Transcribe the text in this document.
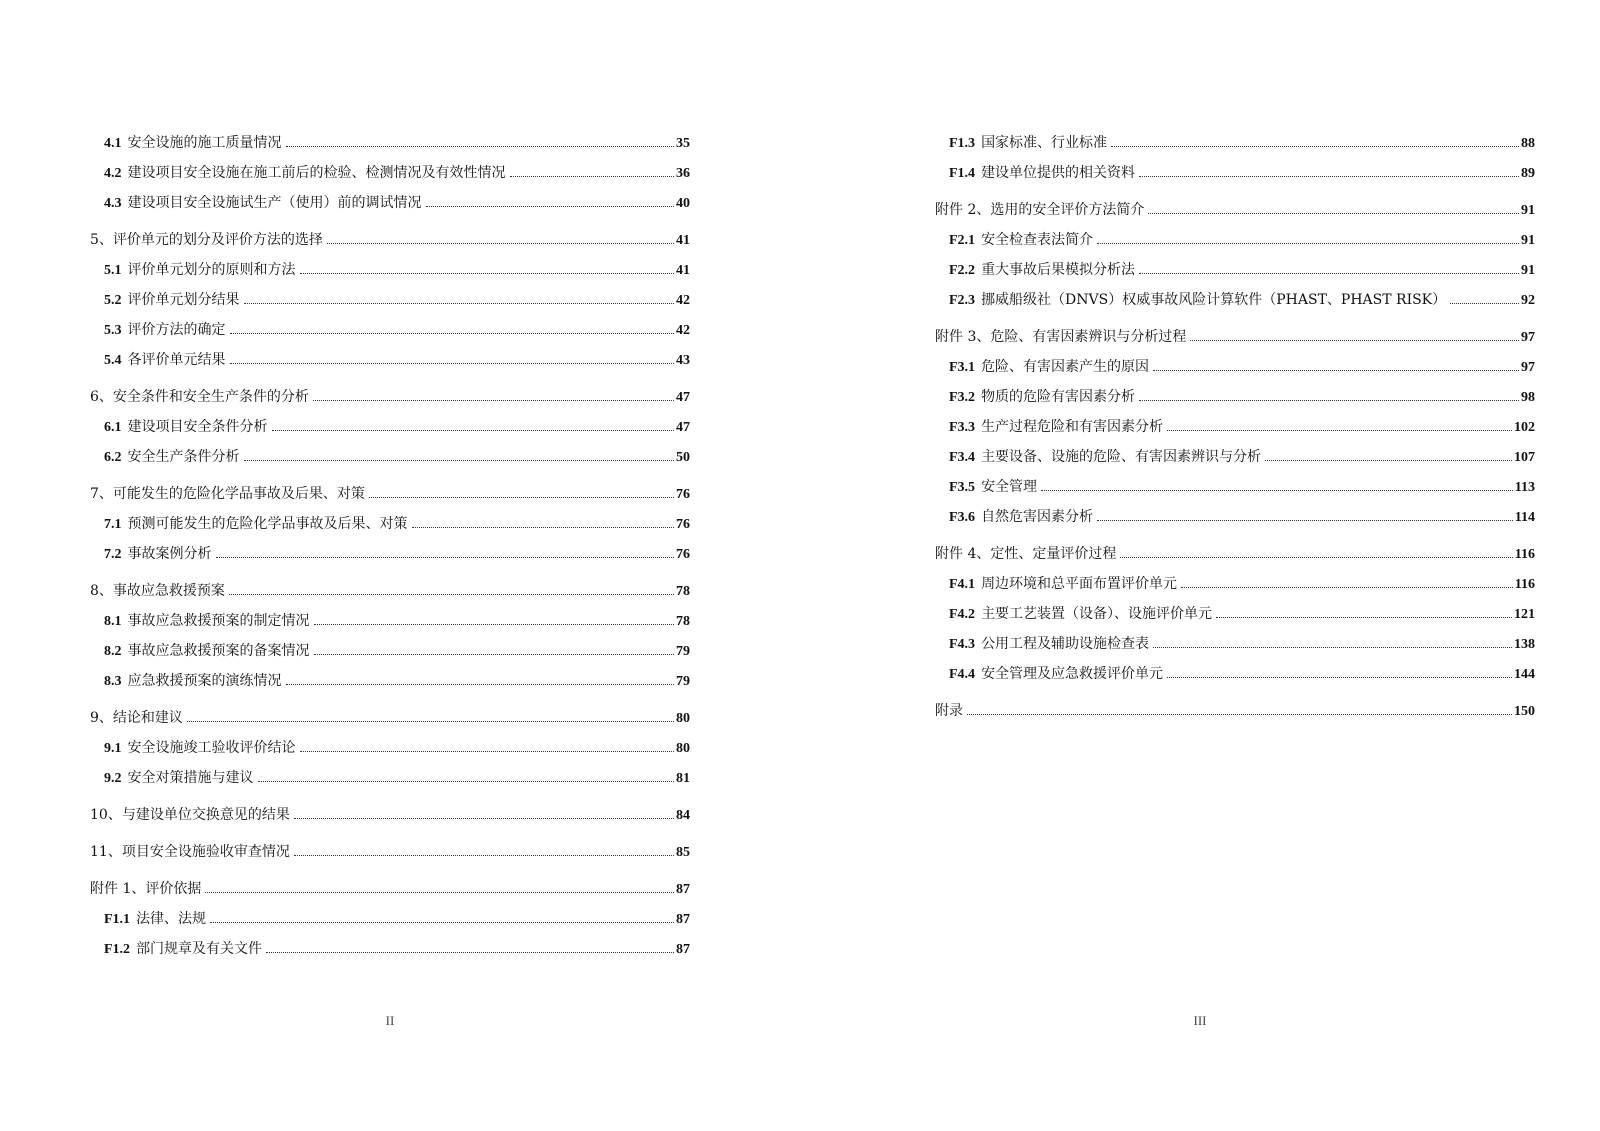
4.1 安全设施的施工质量情况	35
4.2 建设项目安全设施在施工前后的检验、检测情况及有效性情况	36
4.3 建设项目安全设施试生产（使用）前的调试情况	40
5、评价单元的划分及评价方法的选择	41
5.1 评价单元划分的原则和方法	41
5.2 评价单元划分结果	42
5.3 评价方法的确定	42
5.4 各评价单元结果	43
6、安全条件和安全生产条件的分析	47
6.1 建设项目安全条件分析	47
6.2 安全生产条件分析	50
7、可能发生的危险化学品事故及后果、对策	76
7.1 预测可能发生的危险化学品事故及后果、对策	76
7.2 事故案例分析	76
8、事故应急救援预案	78
8.1 事故应急救援预案的制定情况	78
8.2 事故应急救援预案的备案情况	79
8.3 应急救援预案的演练情况	79
9、结论和建议	80
9.1 安全设施竣工验收评价结论	80
9.2 安全对策措施与建议	81
10、与建设单位交换意见的结果	84
11、项目安全设施验收审查情况	85
附件 1、评价依据	87
F1.1 法律、法规	87
F1.2 部门规章及有关文件	87
II
F1.3 国家标准、行业标准	88
F1.4 建设单位提供的相关资料	89
附件 2、选用的安全评价方法简介	91
F2.1 安全检查表法简介	91
F2.2 重大事故后果模拟分析法	91
F2.3 挪威船级社（DNVS）权威事故风险计算软件（PHAST、PHAST RISK）	92
附件 3、危险、有害因素辨识与分析过程	97
F3.1 危险、有害因素产生的原因	97
F3.2 物质的危险有害因素分析	98
F3.3 生产过程危险和有害因素分析	102
F3.4 主要设备、设施的危险、有害因素辨识与分析	107
F3.5 安全管理	113
F3.6 自然危害因素分析	114
附件 4、定性、定量评价过程	116
F4.1 周边环境和总平面布置评价单元	116
F4.2 主要工艺装置（设备）、设施评价单元	121
F4.3 公用工程及辅助设施检查表	138
F4.4 安全管理及应急救援评价单元	144
附录	150
III
